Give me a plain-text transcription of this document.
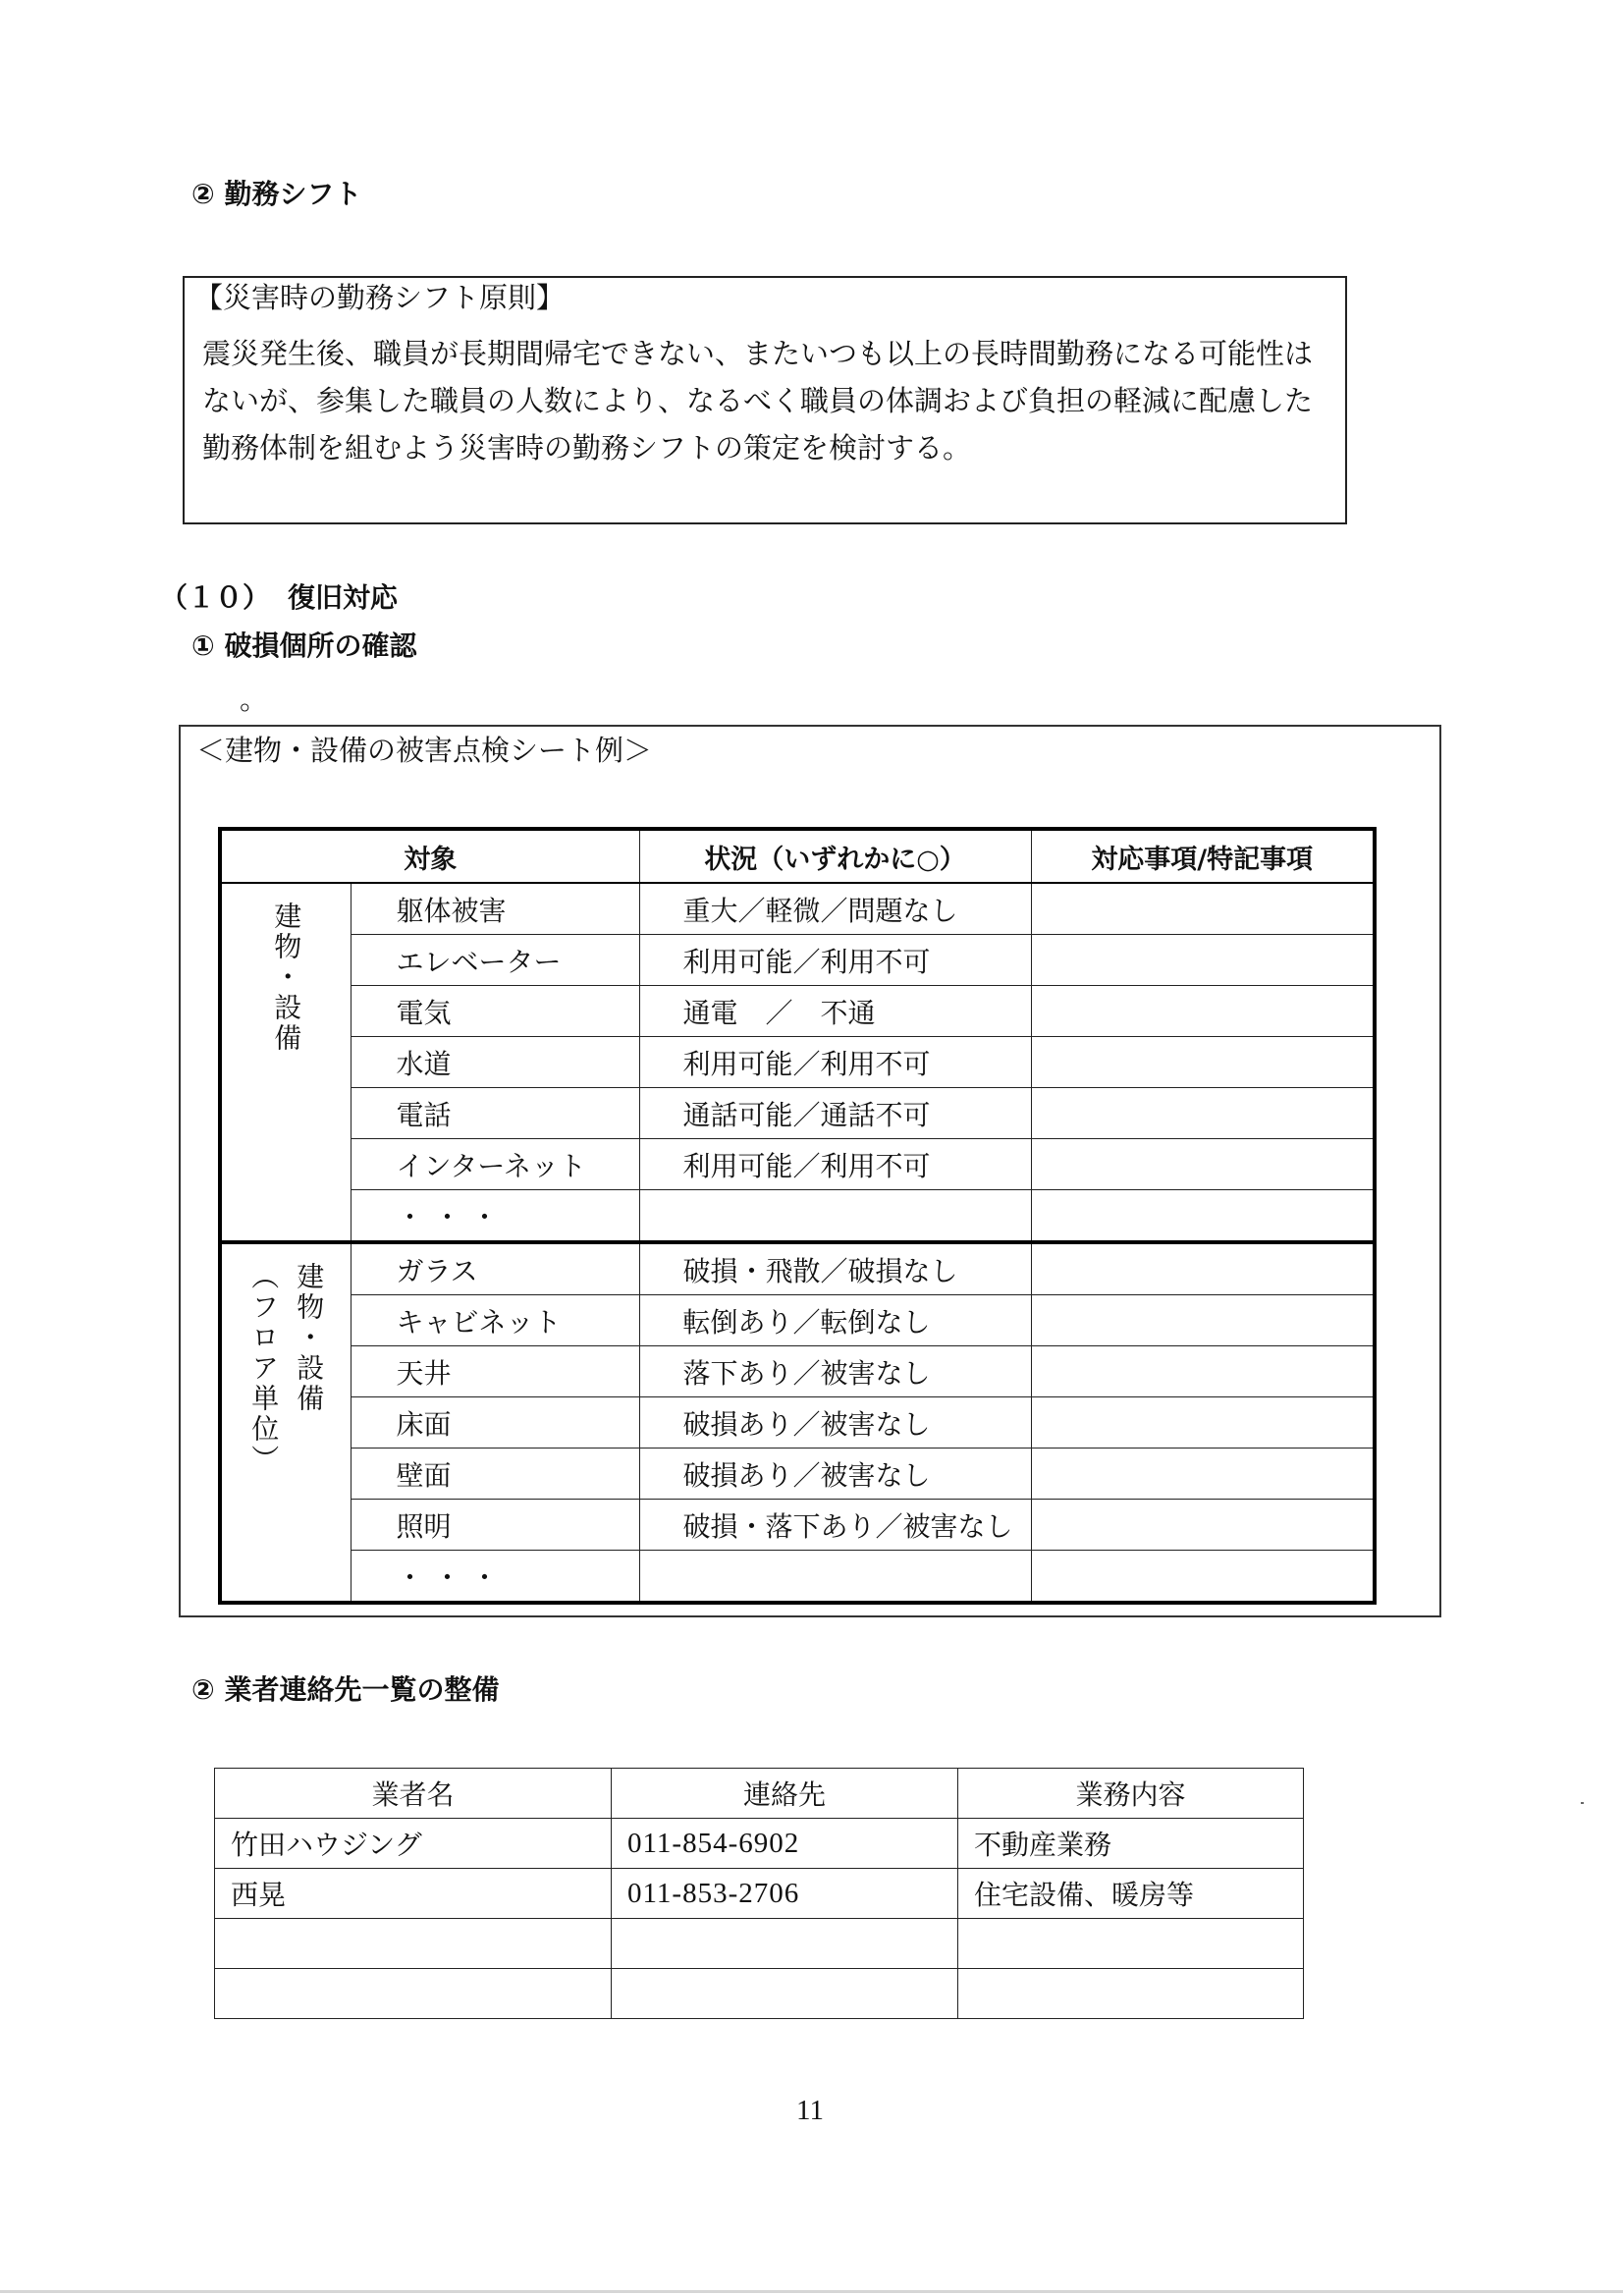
② 勤務シフト
【災害時の勤務シフト原則】
震災発生後、職員が長期間帰宅できない、またいつも以上の長時間勤務になる可能性は
ないが、参集した職員の人数により、なるべく職員の体調および負担の軽減に配慮した
勤務体制を組むよう災害時の勤務シフトの策定を検討する。
（１０） 復旧対応
① 破損個所の確認
。
＜建物・設備の被害点検シート例＞
対象		状況（いずれかに○）	対応事項/特記事項

建物・設備	躯体被害	重大／軽微／問題なし	
	エレベーター	利用可能／利用不可	
	電気	通電　／　不通	
	水道	利用可能／利用不可	
	電話	通話可能／通話不可	
	インターネット	利用可能／利用不可	
	・・・		

建物・設備
（フロア単位）	ガラス	破損・飛散／破損なし	
	キャビネット	転倒あり／転倒なし	
	天井	落下あり／被害なし	
	床面	破損あり／被害なし	
	壁面	破損あり／被害なし	
	照明	破損・落下あり／被害なし	
	・・・		
② 業者連絡先一覧の整備
業者名	連絡先	業務内容
竹田ハウジング	011-854-6902	不動産業務
西晃	011-853-2706	住宅設備、暖房等

11
